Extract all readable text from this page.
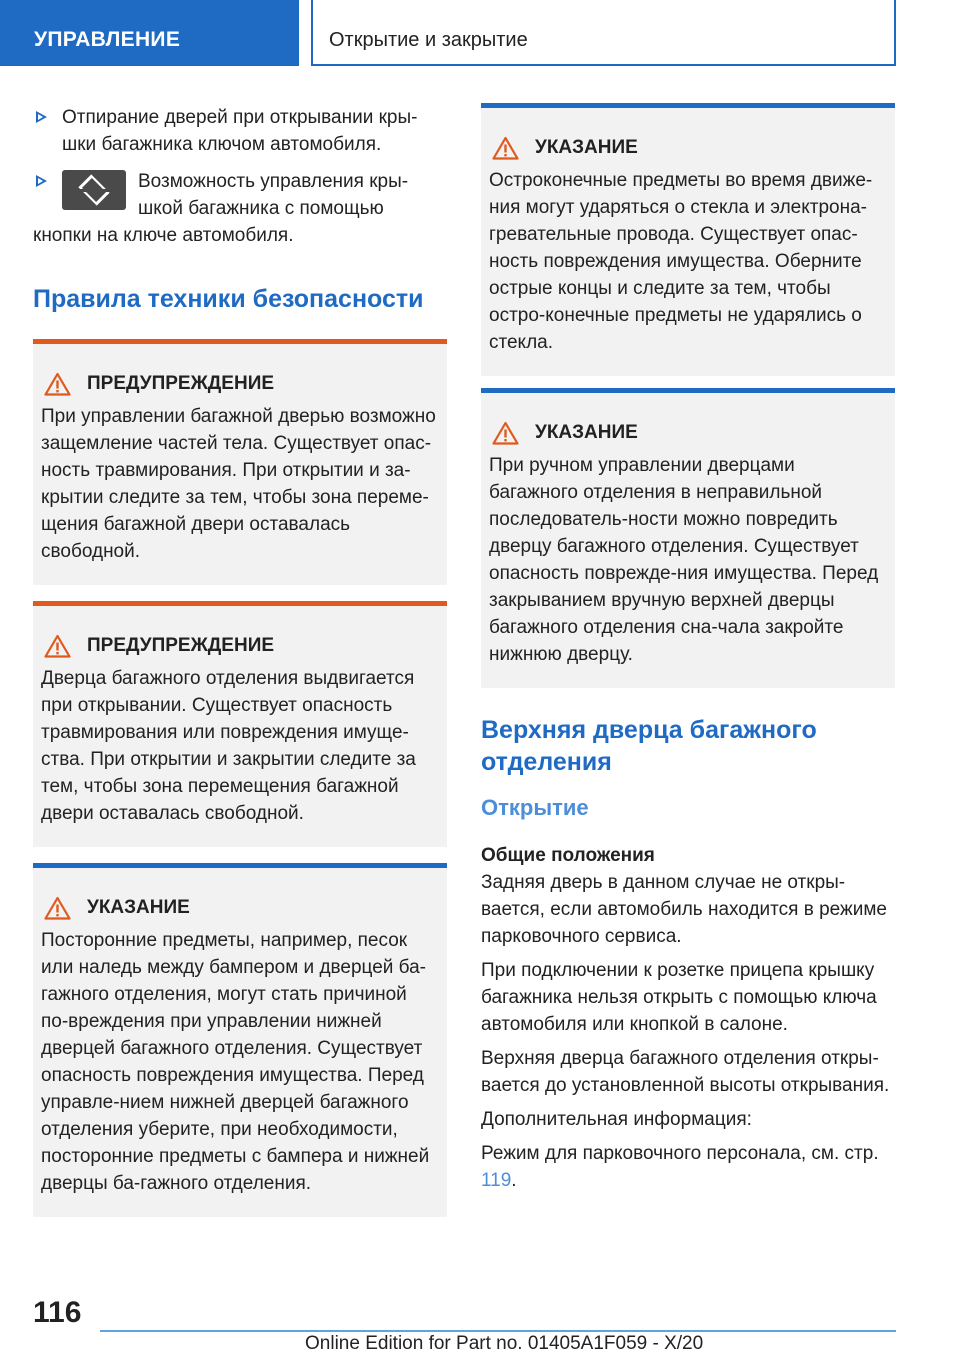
УПРАВЛЕНИЕ	Открытие и закрытие

Отпирание дверей при открывании кры-шки багажника ключом автомобиля.

Возможность управления кры-шкой багажника с помощью кнопки на ключе автомобиля.

Правила техники безопасности
ПРЕДУПРЕЖДЕНИЕ

При управлении багажной дверью возможно защемление частей тела. Существует опас-ность травмирования. При открытии и за-крытии следите за тем, чтобы зона переме-щения багажной двери оставалась свободной.

ПРЕДУПРЕЖДЕНИЕ

Дверца багажного отделения выдвигается при открывании. Существует опасность травмирования или повреждения имуще-ства. При открытии и закрытии следите за тем, чтобы зона перемещения багажной двери оставалась свободной.

УКАЗАНИЕ

Посторонние предметы, например, песок или наледь между бампером и дверцей ба-гажного отделения, могут стать причиной по-вреждения при управлении нижней дверцей багажного отделения. Существует опасность повреждения имущества. Перед управле-нием нижней дверцей багажного отделения уберите, при необходимости, посторонние предметы с бампера и нижней дверцы ба-гажного отделения.

УКАЗАНИЕ

Остроконечные предметы во время движе-ния могут ударяться о стекла и электрона-гревательные провода. Существует опас-ность повреждения имущества. Оберните острые концы и следите за тем, чтобы остро-конечные предметы не ударялись о стекла.

УКАЗАНИЕ

При ручном управлении дверцами багажного отделения в неправильной последователь-ности можно повредить дверцу багажного отделения. Существует опасность поврежде-ния имущества. Перед закрыванием вручную верхней дверцы багажного отделения сна-чала закройте нижнюю дверцу.

Верхняя дверца багажного отделения
Открытие
Общие положения

Задняя дверь в данном случае не откры-вается, если автомобиль находится в режиме парковочного сервиса.

При подключении к розетке прицепа крышку багажника нельзя открыть с помощью ключа автомобиля или кнопкой в салоне.

Верхняя дверца багажного отделения откры-вается до установленной высоты открывания.

Дополнительная информация:

Режим для парковочного персонала, см. стр. 119.

116
Online Edition for Part no. 01405A1F059 - X/20
